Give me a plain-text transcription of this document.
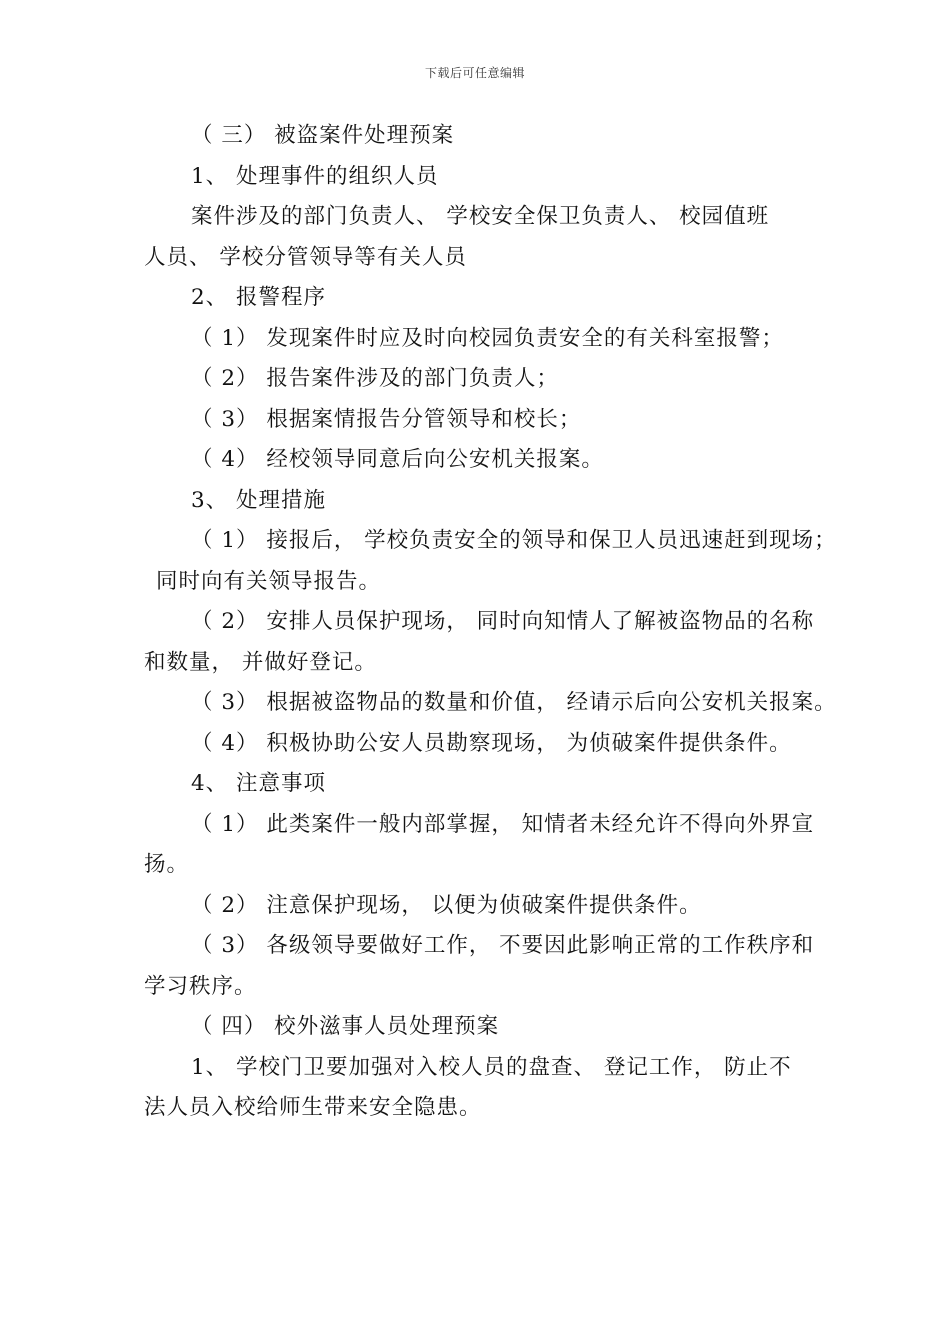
下载后可任意编辑
（ 三） 被盗案件处理预案
1、 处理事件的组织人员
案件涉及的部门负责人、 学校安全保卫负责人、 校园值班
人员、 学校分管领导等有关人员
2、 报警程序
（ 1） 发现案件时应及时向校园负责安全的有关科室报警；
（ 2） 报告案件涉及的部门负责人；
（ 3） 根据案情报告分管领导和校长；
（ 4） 经校领导同意后向公安机关报案。
3、 处理措施
（ 1） 接报后， 学校负责安全的领导和保卫人员迅速赶到现场；
同时向有关领导报告。
（ 2） 安排人员保护现场， 同时向知情人了解被盗物品的名称
和数量， 并做好登记。
（ 3） 根据被盗物品的数量和价值， 经请示后向公安机关报案。
（ 4） 积极协助公安人员勘察现场， 为侦破案件提供条件。
4、 注意事项
（ 1） 此类案件一般内部掌握， 知情者未经允许不得向外界宣
扬。
（ 2） 注意保护现场， 以便为侦破案件提供条件。
（ 3） 各级领导要做好工作， 不要因此影响正常的工作秩序和
学习秩序。
（ 四） 校外滋事人员处理预案
1、 学校门卫要加强对入校人员的盘查、 登记工作， 防止不
法人员入校给师生带来安全隐患。
